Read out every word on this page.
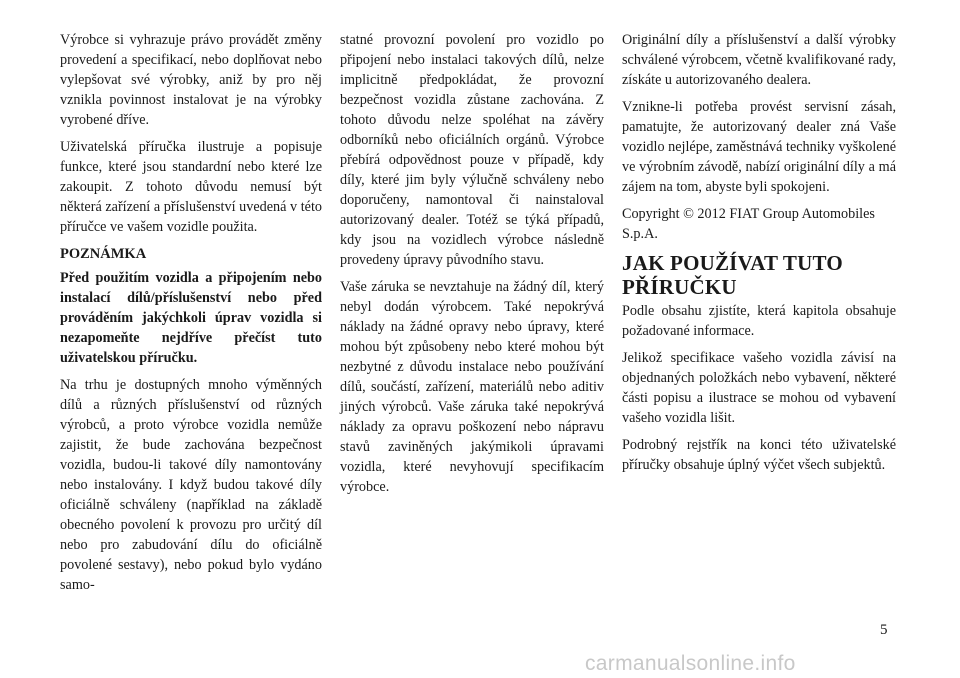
Výrobce si vyhrazuje právo provádět změny provedení a specifikací, nebo doplňovat nebo vylepšovat své výrobky, aniž by pro něj vznikla povinnost instalovat je na výrobky vyrobené dříve.

Uživatelská příručka ilustruje a popisuje funkce, které jsou standardní nebo které lze zakoupit. Z tohoto důvodu nemusí být některá zařízení a příslušenství uvedená v této příručce ve vašem vozidle použita.

POZNÁMKA

Před použitím vozidla a připojením nebo instalací dílů/příslušenství nebo před prováděním jakýchkoli úprav vozidla si nezapomeňte nejdříve přečíst tuto uživatelskou příručku.

Na trhu je dostupných mnoho výměnných dílů a různých příslušenství od různých výrobců, a proto výrobce vozidla nemůže zajistit, že bude zachována bezpečnost vozidla, budou-li takové díly namontovány nebo instalovány. I když budou takové díly oficiálně schváleny (například na základě obecného povolení k provozu pro určitý díl nebo pro zabudování dílu do oficiálně povolené sestavy), nebo pokud bylo vydáno samo-

statné provozní povolení pro vozidlo po připojení nebo instalaci takových dílů, nelze implicitně předpokládat, že provozní bezpečnost vozidla zůstane zachována. Z tohoto důvodu nelze spoléhat na závěry odborníků nebo oficiálních orgánů. Výrobce přebírá odpovědnost pouze v případě, kdy díly, které jim byly výlučně schváleny nebo doporučeny, namontoval či nainstaloval autorizovaný dealer. Totéž se týká případů, kdy jsou na vozidlech výrobce následně provedeny úpravy původního stavu.

Vaše záruka se nevztahuje na žádný díl, který nebyl dodán výrobcem. Také nepokrývá náklady na žádné opravy nebo úpravy, které mohou být způsobeny nebo které mohou být nezbytné z důvodu instalace nebo používání dílů, součástí, zařízení, materiálů nebo aditiv jiných výrobců. Vaše záruka také nepokrývá náklady za opravu poškození nebo nápravu stavů zaviněných jakýmikoli úpravami vozidla, které nevyhovují specifikacím výrobce.

Originální díly a příslušenství a další výrobky schválené výrobcem, včetně kvalifikované rady, získáte u autorizovaného dealera.

Vznikne-li potřeba provést servisní zásah, pamatujte, že autorizovaný dealer zná Vaše vozidlo nejlépe, zaměstnává techniky vyškolené ve výrobním závodě, nabízí originální díly a má zájem na tom, abyste byli spokojeni.

Copyright © 2012 FIAT Group Automobiles S.p.A.

JAK POUŽÍVAT TUTO PŘÍRUČKU

Podle obsahu zjistíte, která kapitola obsahuje požadované informace.

Jelikož specifikace vašeho vozidla závisí na objednaných položkách nebo vybavení, některé části popisu a ilustrace se mohou od vybavení vašeho vozidla lišit.

Podrobný rejstřík na konci této uživatelské příručky obsahuje úplný výčet všech subjektů.

5
carmanualsonline.info
